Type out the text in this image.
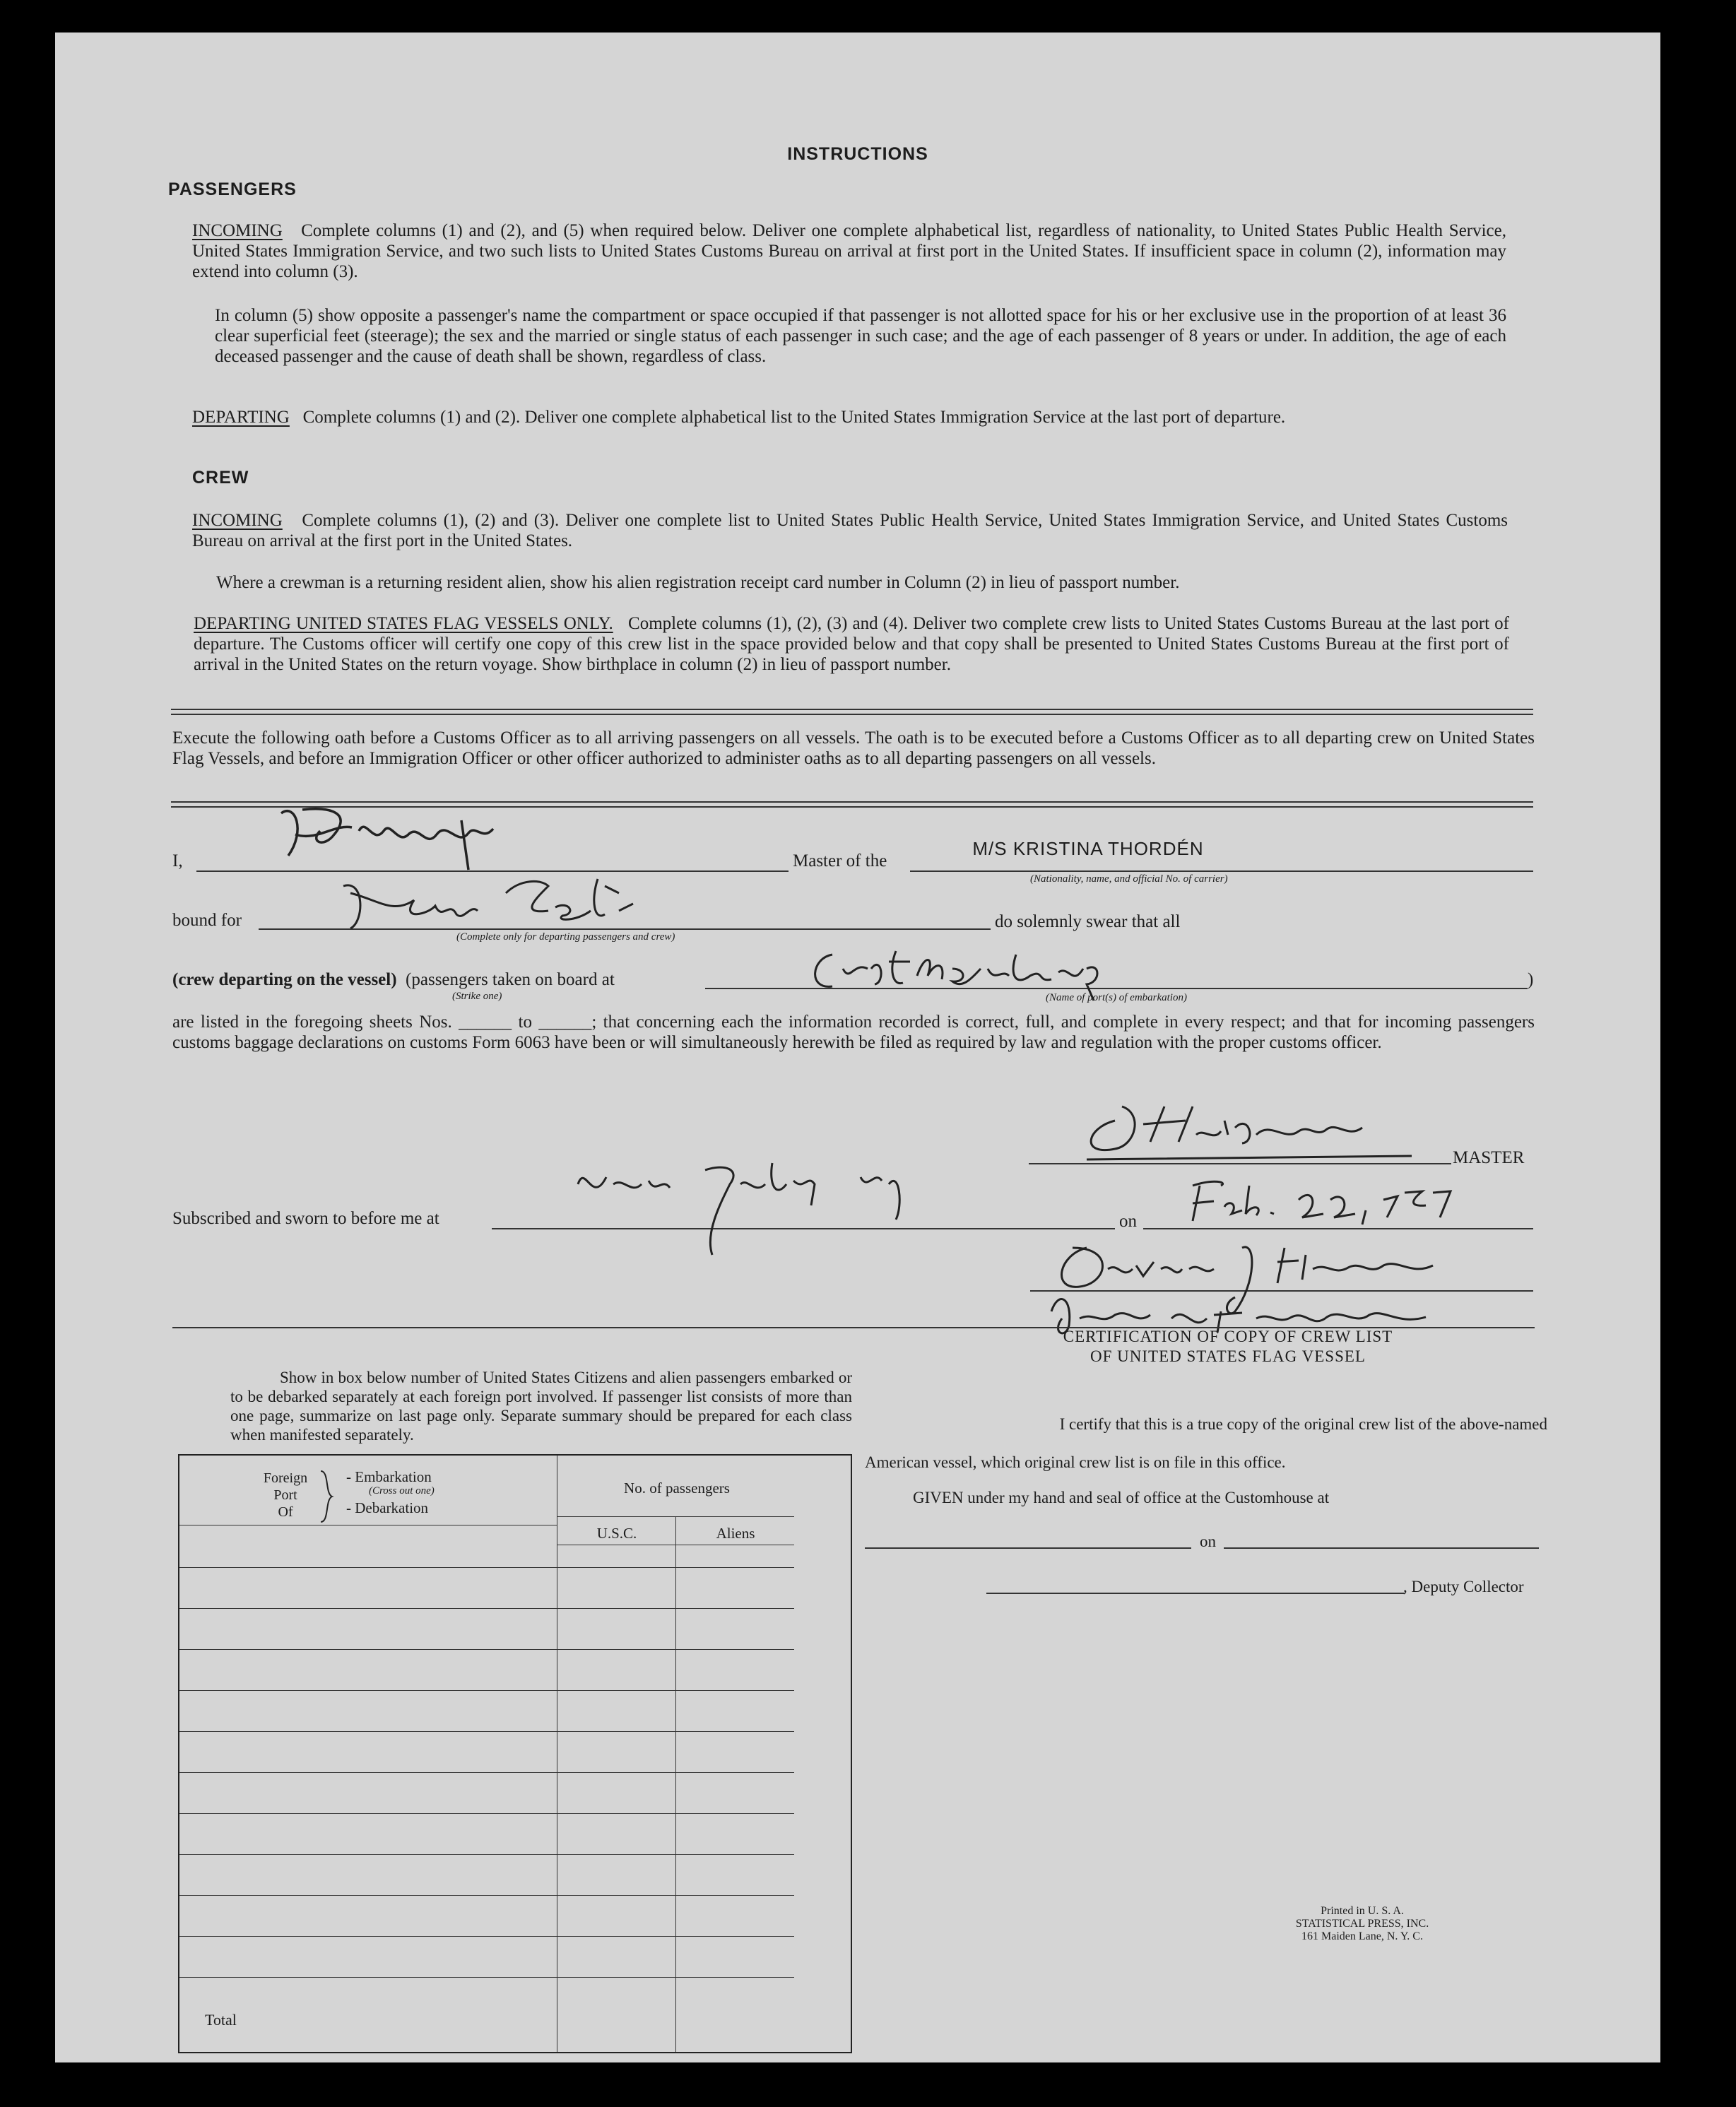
INSTRUCTIONS
PASSENGERS
INCOMING Complete columns (1) and (2), and (5) when required below. Deliver one complete alphabetical list, regardless of nationality, to United States Public Health Service, United States Immigration Service, and two such lists to United States Customs Bureau on arrival at first port in the United States. If insufficient space in column (2), information may extend into column (3).
In column (5) show opposite a passenger's name the compartment or space occupied if that passenger is not allotted space for his or her exclusive use in the proportion of at least 36 clear superficial feet (steerage); the sex and the married or single status of each passenger in such case; and the age of each passenger of 8 years or under. In addition, the age of each deceased passenger and the cause of death shall be shown, regardless of class.
DEPARTING Complete columns (1) and (2). Deliver one complete alphabetical list to the United States Immigration Service at the last port of departure.
CREW
INCOMING Complete columns (1), (2) and (3). Deliver one complete list to United States Public Health Service, United States Immigration Service, and United States Customs Bureau on arrival at the first port in the United States.
Where a crewman is a returning resident alien, show his alien registration receipt card number in Column (2) in lieu of passport number.
DEPARTING UNITED STATES FLAG VESSELS ONLY. Complete columns (1), (2), (3) and (4). Deliver two complete crew lists to United States Customs Bureau at the last port of departure. The Customs officer will certify one copy of this crew list in the space provided below and that copy shall be presented to United States Customs Bureau at the first port of arrival in the United States on the return voyage. Show birthplace in column (2) in lieu of passport number.
Execute the following oath before a Customs Officer as to all arriving passengers on all vessels. The oath is to be executed before a Customs Officer as to all departing crew on United States Flag Vessels, and before an Immigration Officer or other officer authorized to administer oaths as to all departing passengers on all vessels.
I,	Master of the
M/S KRISTINA THORDÉN
(Nationality, name, and official No. of carrier)
bound for
(Complete only for departing passengers and crew)
do solemnly swear that all
(crew departing on the vessel) (passengers taken on board at	)
(Strike one)	(Name of port(s) of embarkation)
are listed in the foregoing sheets Nos. ______ to ______; that concerning each the information recorded is correct, full, and complete in every respect; and that for incoming passengers customs baggage declarations on customs Form 6063 have been or will simultaneously herewith be filed as required by law and regulation with the proper customs officer.
MASTER
Subscribed and sworn to before me at	on
Show in box below number of United States Citizens and alien passengers embarked or to be debarked separately at each foreign port involved. If passenger list consists of more than one page, summarize on last page only. Separate summary should be prepared for each class when manifested separately.
Foreign
Port
Of
- Embarkation
(Cross out one)
- Debarkation
No. of passengers
U.S.C.	Aliens
Total
CERTIFICATION OF COPY OF CREW LIST
OF UNITED STATES FLAG VESSEL
I certify that this is a true copy of the original crew list of the above-named
American vessel, which original crew list is on file in this office.
GIVEN under my hand and seal of office at the Customhouse at
on
, Deputy Collector
Printed in U. S. A.
STATISTICAL PRESS, INC.
161 Maiden Lane, N. Y. C.
